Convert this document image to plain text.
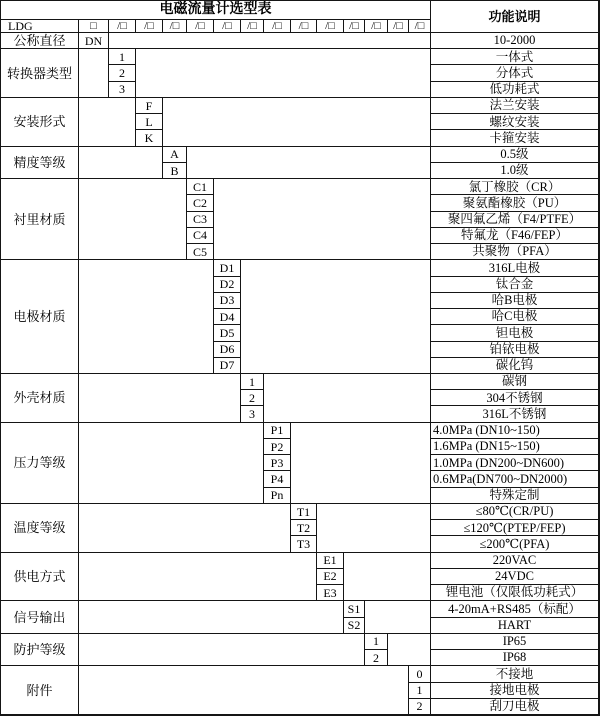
电磁流量计选型表	功能说明
LDG	□	/□	/□	/□	/□	/□	/□	/□	/□	/□	/□	/□	/□	/□
公称直径	DN	10-2000
转换器类型
1	一体式
2	分体式
3	低功耗式
安装形式
F	法兰安装
L	螺纹安装
K	卡箍安装
精度等级
A	0.5级
B	1.0级
衬里材质
C1	氯丁橡胶（CR）
C2	聚氨酯橡胶（PU）
C3	聚四氟乙烯（F4/PTFE）
C4	特氟龙（F46/FEP）
C5	共聚物（PFA）
电极材质
D1	316L电极
D2	钛合金
D3	哈B电极
D4	哈C电极
D5	钽电极
D6	铂铱电极
D7	碳化钨
外壳材质
1	碳钢
2	304不锈钢
3	316L不锈钢
压力等级
P1	4.0MPa (DN10~150)
P2	1.6MPa (DN15~150)
P3	1.0MPa (DN200~DN600)
P4	0.6MPa(DN700~DN2000)
Pn	特殊定制
温度等级
T1	≤80℃(CR/PU)
T2	≤120℃(PTEP/FEP)
T3	≤200℃(PFA)
供电方式
E1	220VAC
E2	24VDC
E3	锂电池（仅限低功耗式）
信号输出
S1	4-20mA+RS485（标配）
S2	HART
防护等级
1	IP65
2	IP68
附件
0	不接地
1	接地电极
2	刮刀电极
